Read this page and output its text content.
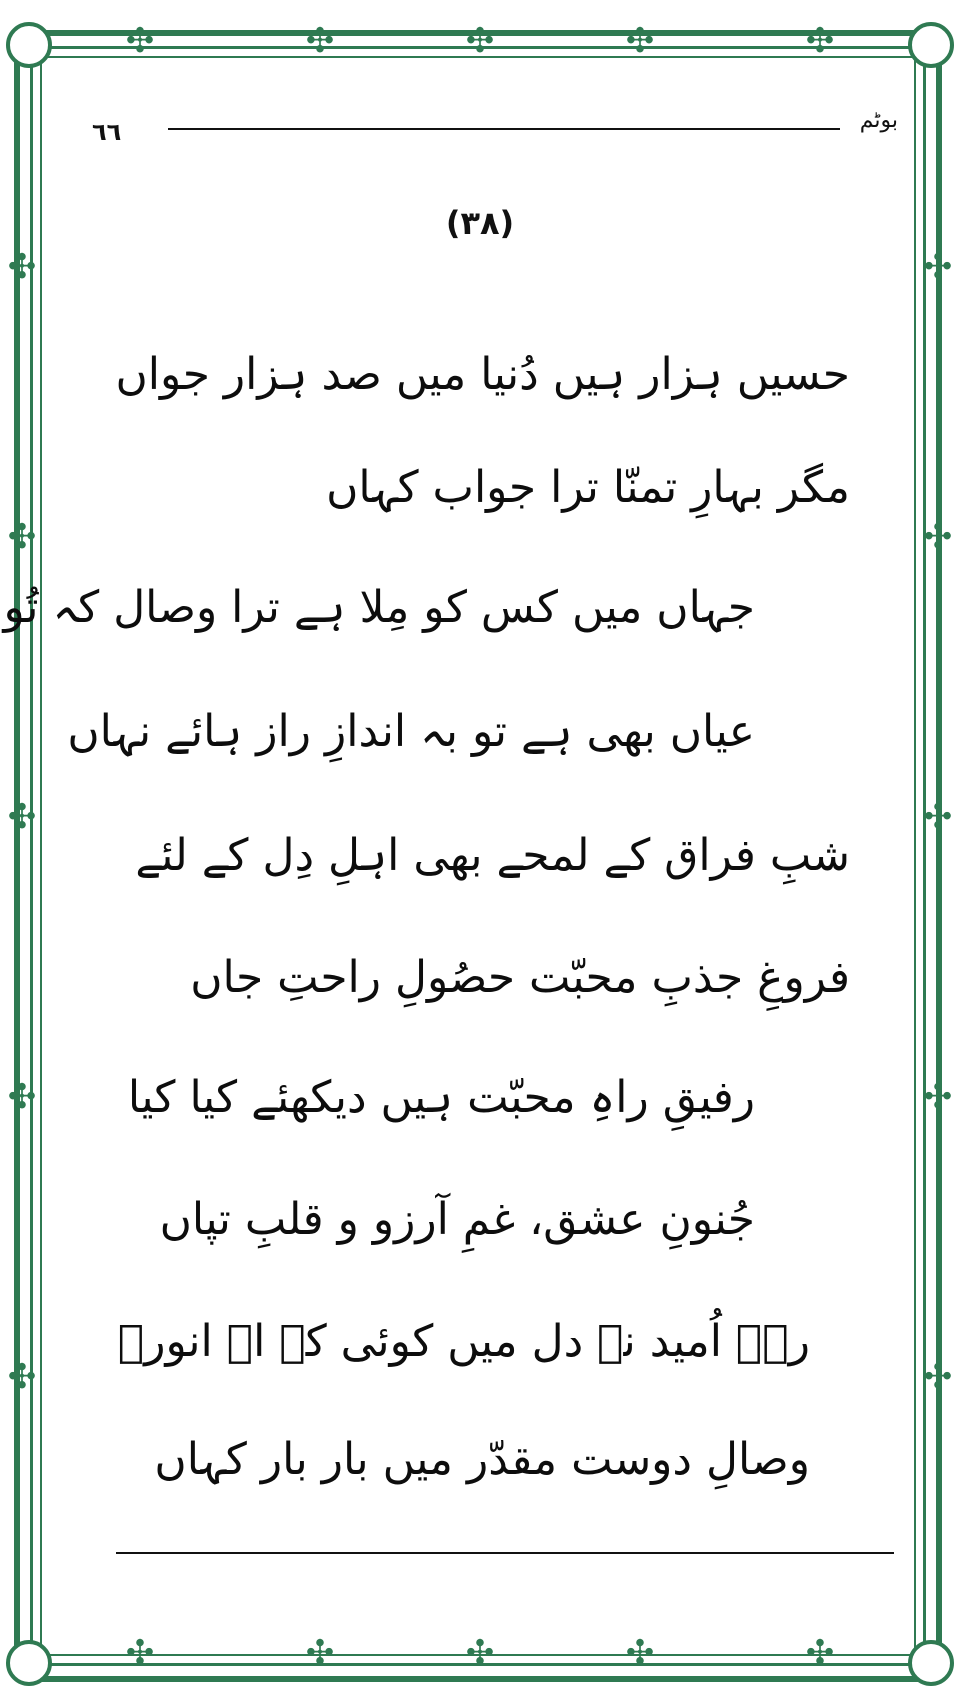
✣	✣	✣	✣	✣
✣	✣	✣	✣	✣
✣
✣
✣
✣
✣
✣
✣
✣
✣
✣
٦٦	بوٹم
(٣٨)
حسیں ہزار ہیں دُنیا میں صد ہزار جواں
مگر بہارِ تمنّا ترا جواب کہاں
جہاں میں کس کو مِلا ہے ترا وصال کہ تُو
عیاں بھی ہے تو بہ اندازِ راز ہائے نہاں
شبِ فراق کے لمحے بھی اہلِ دِل کے لئے
فروغِ جذبِ محبّت حصُولِ راحتِ جاں
رفیقِ راہِ محبّت ہیں دیکھئے کیا کیا
جُنونِ عشق، غمِ آرزو و قلبِ تپاں
رہے اُمید نہ دل میں کوئی کہ اے انورؔ
وصالِ دوست مقدّر میں بار بار کہاں
